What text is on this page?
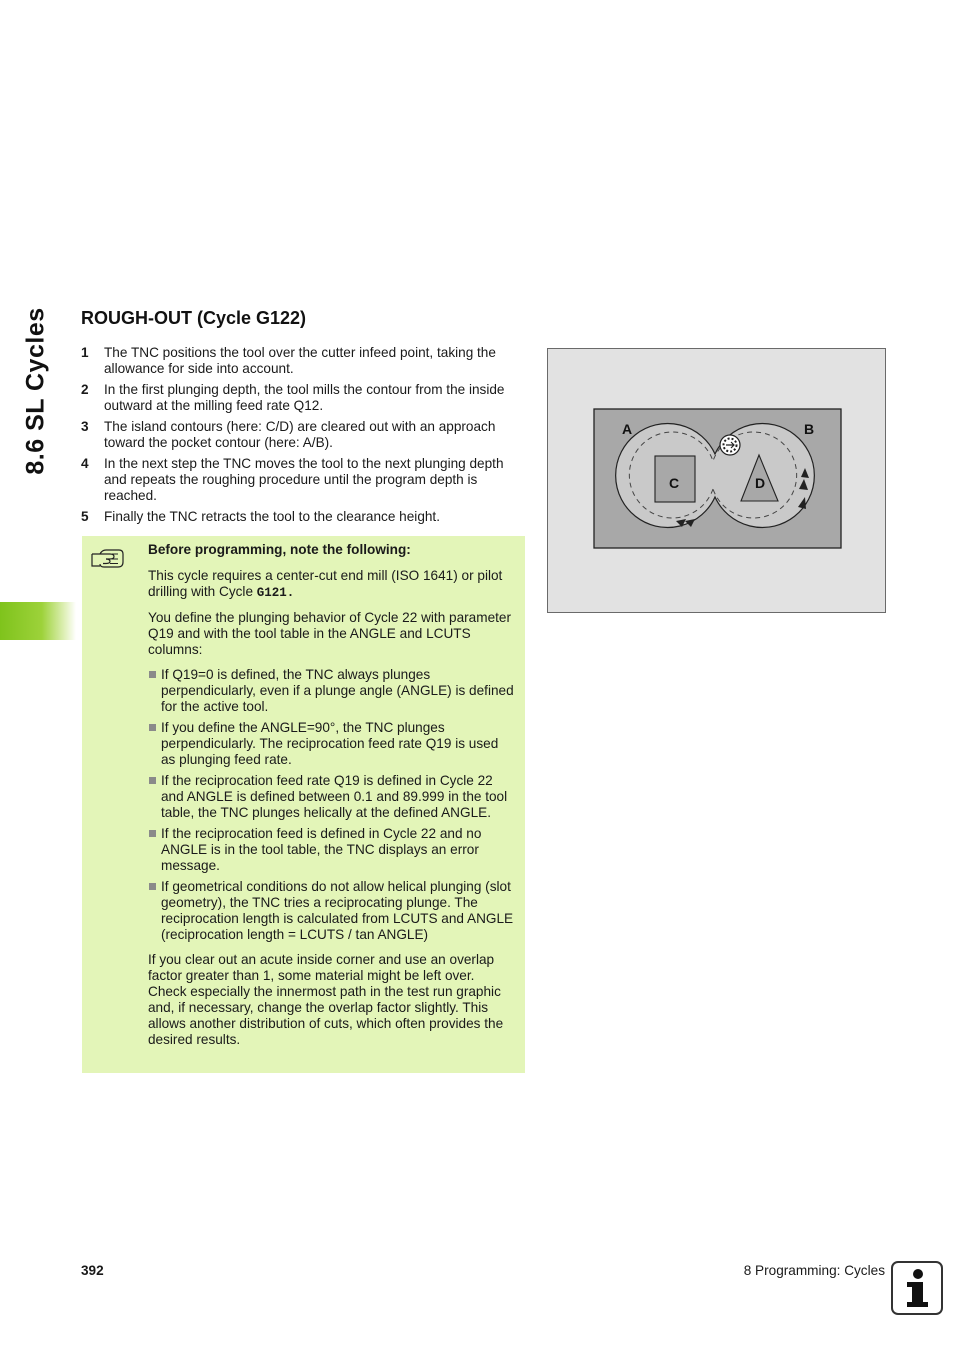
8.6 SL Cycles ROUGH-OUT (Cycle G122)
1	The TNC positions the tool over the cutter infeed point, taking the allowance for side into account.
2	In the first plunging depth, the tool mills the contour from the inside outward at the milling feed rate Q12.
3	The island contours (here: C/D) are cleared out with an approach toward the pocket contour (here: A/B).
4	In the next step the TNC moves the tool to the next plunging depth and repeats the roughing procedure until the program depth is reached.
5	Finally the TNC retracts the tool to the clearance height.

Before programming, note the following:

This cycle requires a center-cut end mill (ISO 1641) or pilot drilling with Cycle G121.

You define the plunging behavior of Cycle 22 with parameter Q19 and with the tool table in the ANGLE and LCUTS columns:

If Q19=0 is defined, the TNC always plunges perpendicularly, even if a plunge angle (ANGLE) is defined for the active tool.
If you define the ANGLE=90°, the TNC plunges perpendicularly. The reciprocation feed rate Q19 is used as plunging feed rate.
If the reciprocation feed rate Q19 is defined in Cycle 22 and ANGLE is defined between 0.1 and 89.999 in the tool table, the TNC plunges helically at the defined ANGLE.
If the reciprocation feed is defined in Cycle 22 and no ANGLE is in the tool table, the TNC displays an error message.
If geometrical conditions do not allow helical plunging (slot geometry), the TNC tries a reciprocating plunge. The reciprocation length is calculated from LCUTS and ANGLE (reciprocation length = LCUTS / tan ANGLE)

If you clear out an acute inside corner and use an overlap factor greater than 1, some material might be left over. Check especially the innermost path in the test run graphic and, if necessary, change the overlap factor slightly. This allows another distribution of cuts, which often provides the desired results.

A	B
C	D
392	8 Programming: Cycles
